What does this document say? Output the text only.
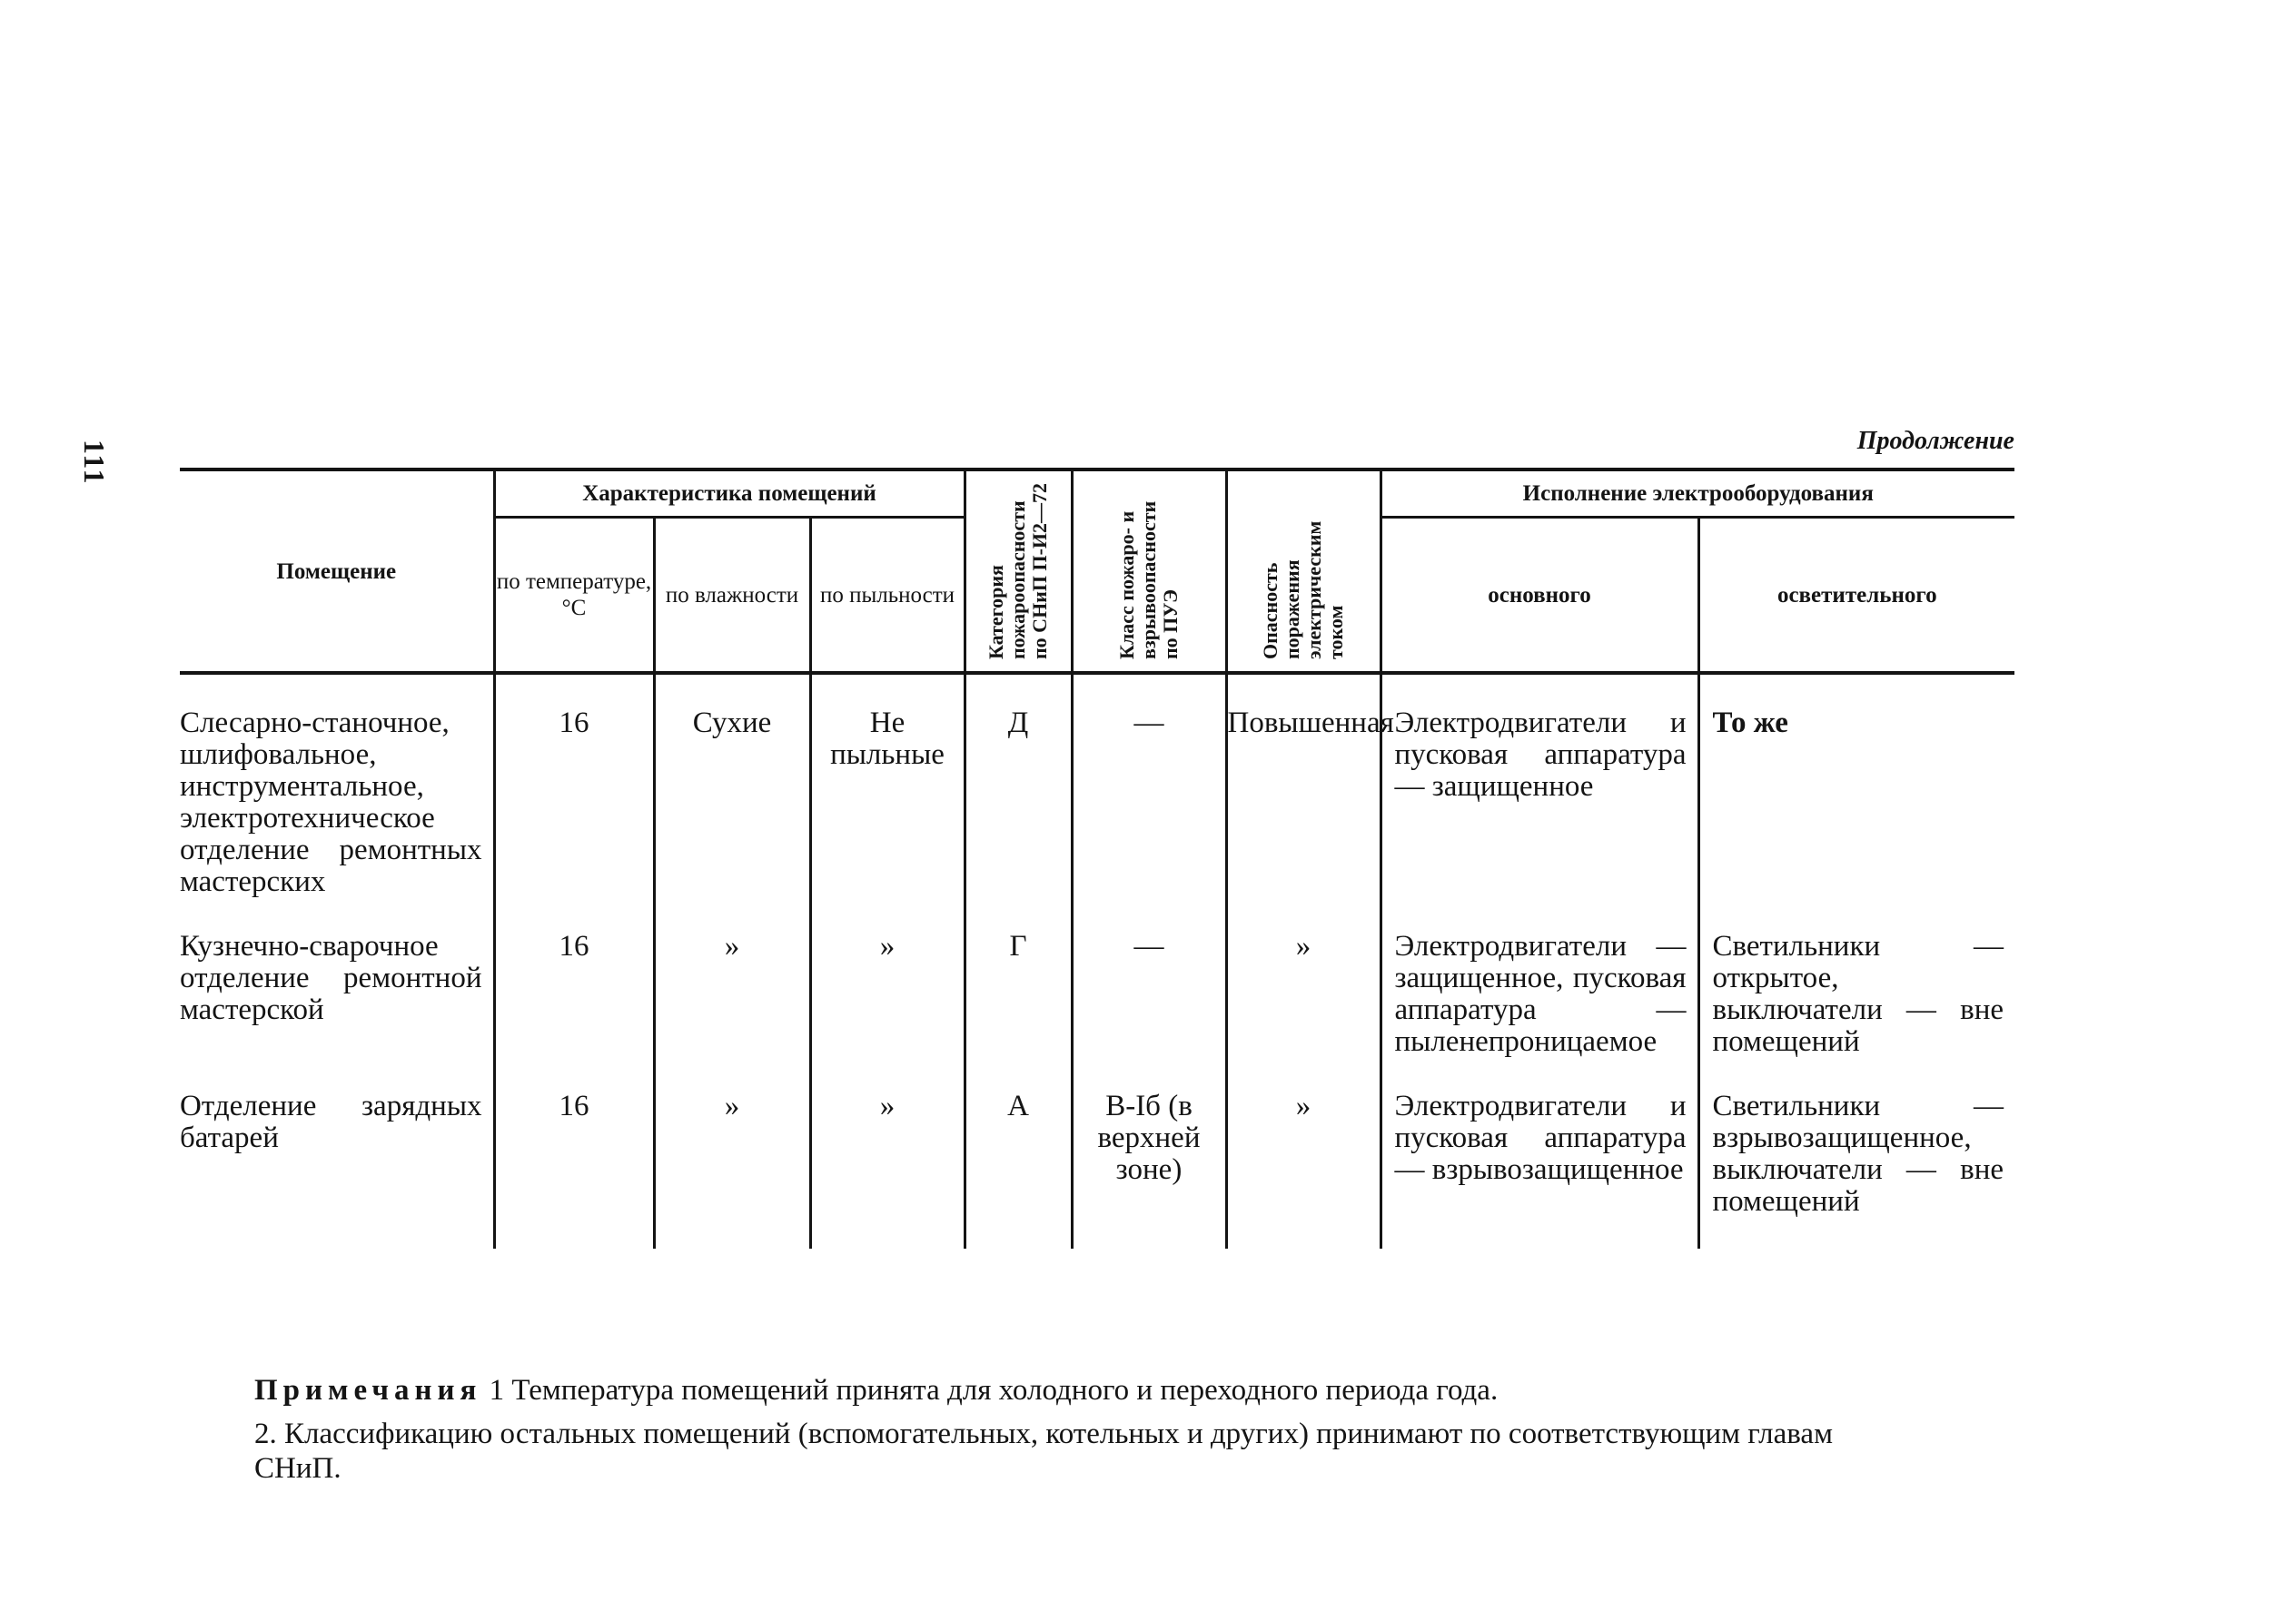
111	Продолжение
Помещение	Характеристика помещений			Категория пожароопасности по СНиП П-И2—72	Класс пожаро- и взрывоопасности по ПУЭ	Опасность поражения электрическим током	Исполнение электрооборудования	
	по температуре, °С	по влажности	по пыльности				основного	осветительного
Слесарно-станочное, шлифовальное, инструментальное, электротехническое отделение ремонтных мастерских	16	Сухие	Не пыльные	Д	—	Повышенная	Электродвигатели и пусковая аппаратура — защищенное	То же
Кузнечно-сварочное отделение ремонтной мастерской	16	»	»	Г	—	»	Электродвигатели — защищенное, пусковая аппаратура — пыленепроницаемое	Светильники — открытое, выключатели — вне помещений
Отделение зарядных батарей	16	»	»	А	В-Іб (в верхней зоне)	»	Электродвигатели и пусковая аппаратура — взрывозащищенное	Светильники — взрывозащищенное, выключатели — вне помещений

Примечания 1 Температура помещений принята для холодного и переходного периода года.

2. Классификацию остальных помещений (вспомогательных, котельных и других) принимают по соответствующим главам СНиП.
